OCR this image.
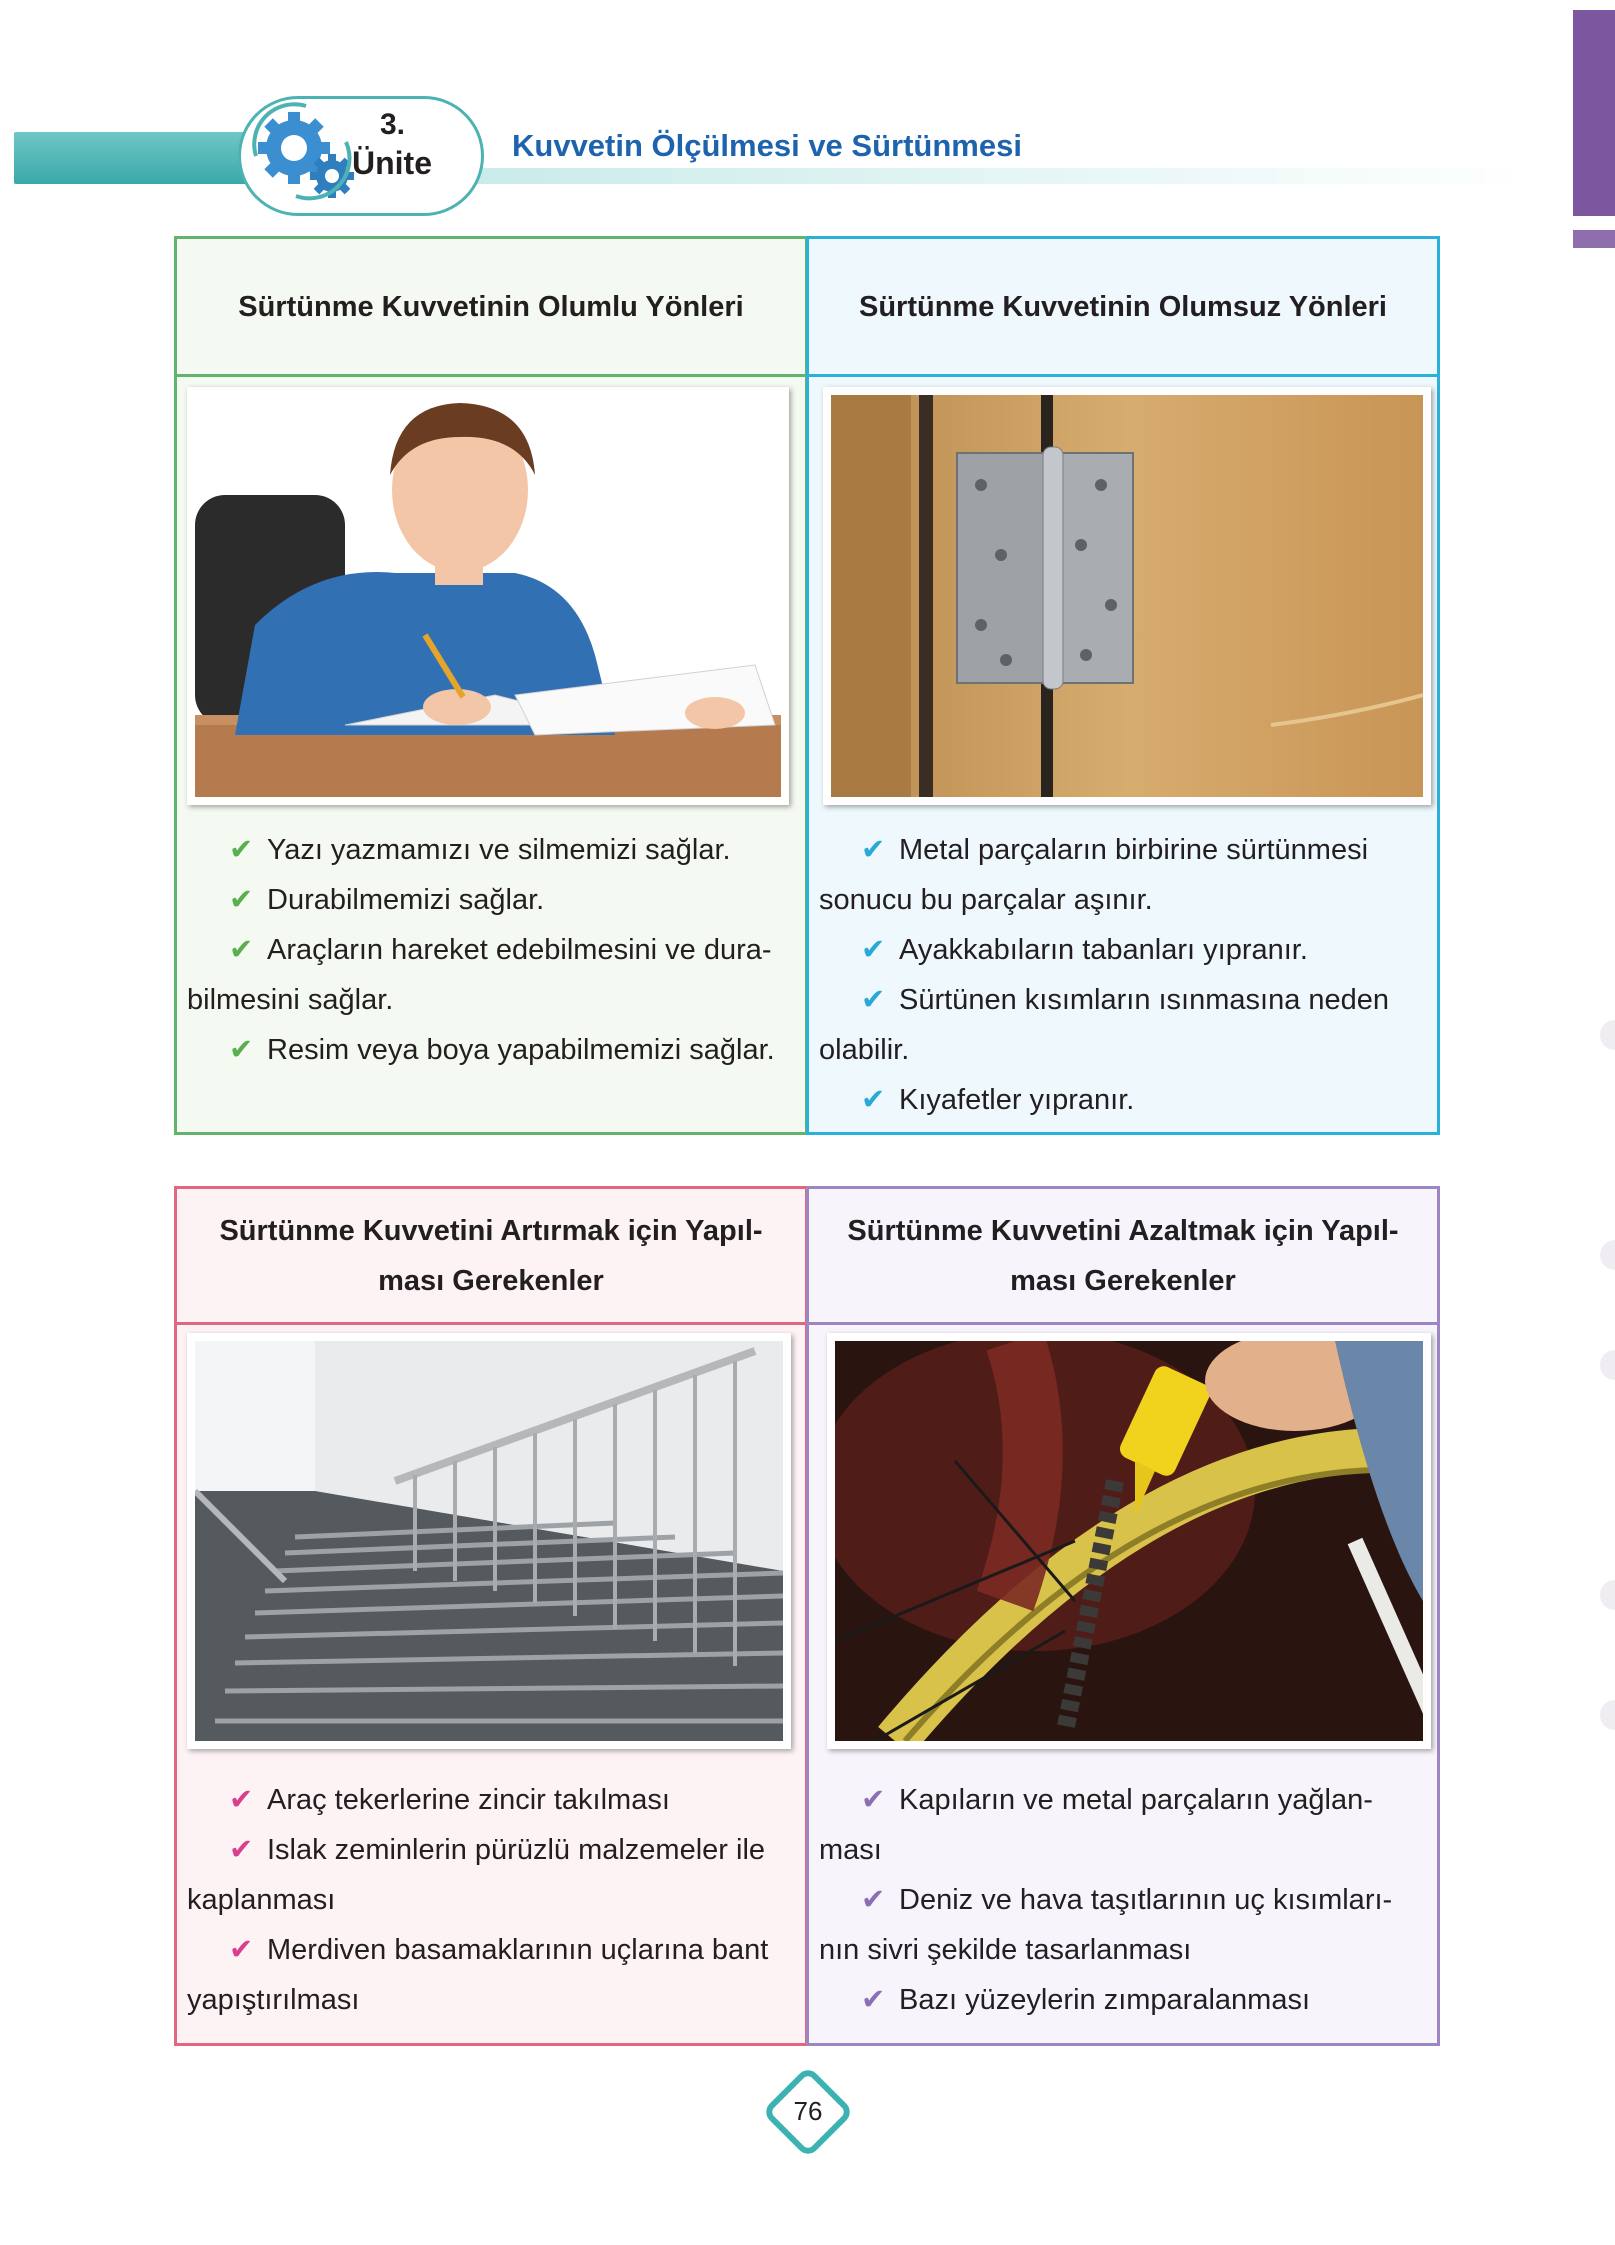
3.
Ünite	Kuvvetin Ölçülmesi ve Sürtünmesi
Sürtünme Kuvvetinin Olumlu Yönleri
✔ Yazı yazmamızı ve silmemizi sağlar.
✔ Durabilmemizi sağlar.
✔ Araçların hareket edebilmesini ve dura-
bilmesini sağlar.
✔ Resim veya boya yapabilmemizi sağlar.
Sürtünme Kuvvetinin Olumsuz Yönleri
✔ Metal parçaların birbirine sürtünmesi
sonucu bu parçalar aşınır.
✔ Ayakkabıların tabanları yıpranır.
✔ Sürtünen kısımların ısınmasına neden
olabilir.
✔ Kıyafetler yıpranır.
Sürtünme Kuvvetini Artırmak için Yapıl-
ması Gerekenler
✔ Araç tekerlerine zincir takılması
✔ Islak zeminlerin pürüzlü malzemeler ile
kaplanması
✔ Merdiven basamaklarının uçlarına bant
yapıştırılması
Sürtünme Kuvvetini Azaltmak için Yapıl-
ması Gerekenler
✔ Kapıların ve metal parçaların yağlan-
ması
✔ Deniz ve hava taşıtlarının uç kısımları-
nın sivri şekilde tasarlanması
✔ Bazı yüzeylerin zımparalanması
76
